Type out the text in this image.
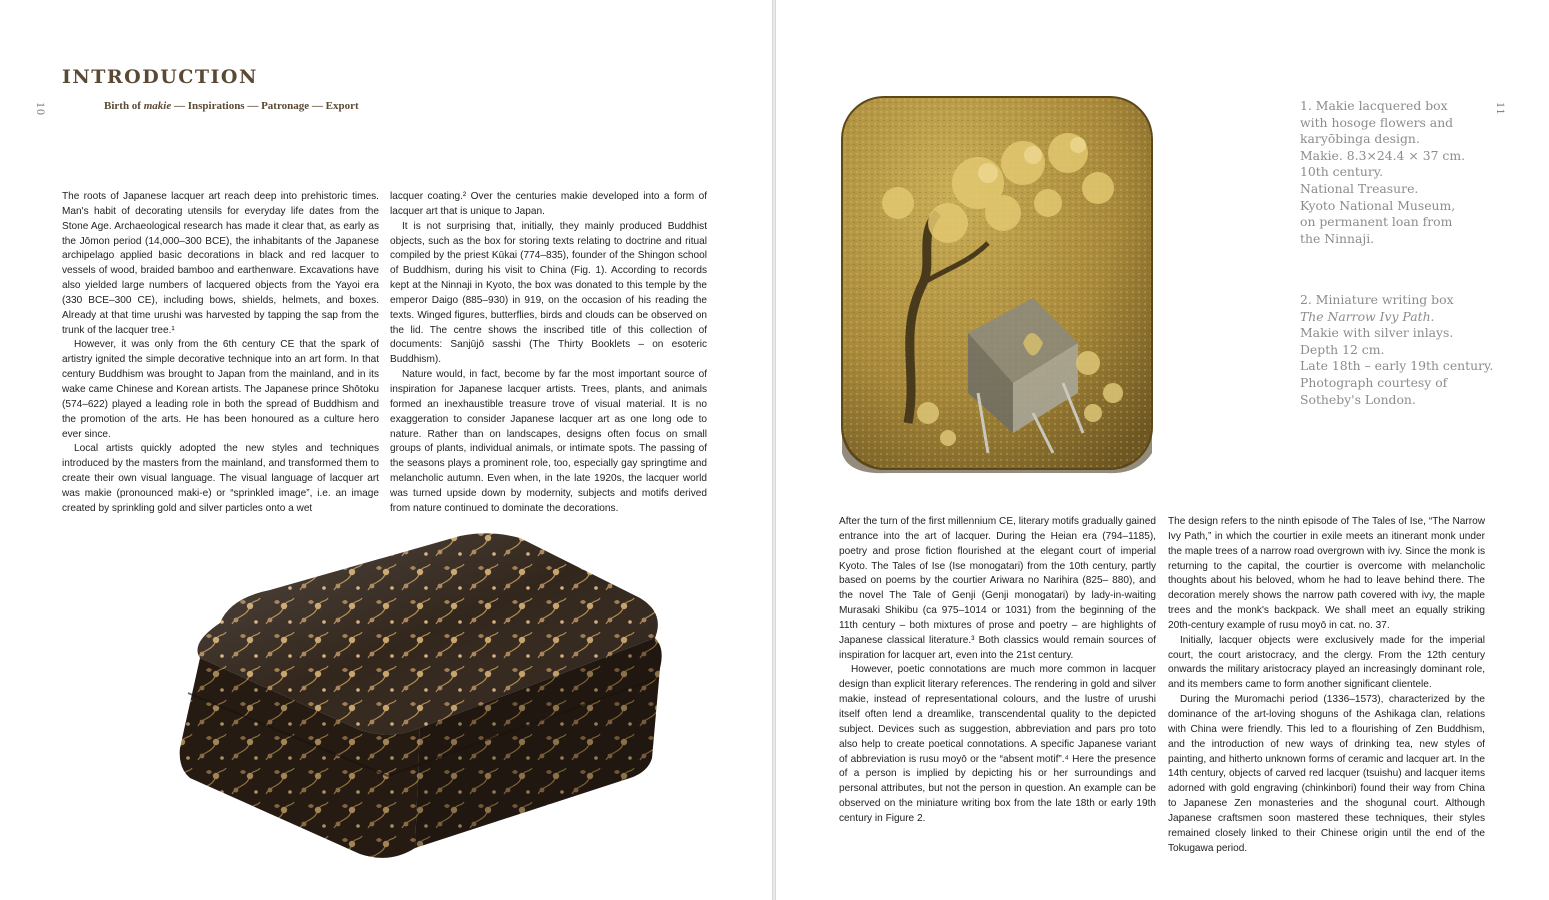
10
INTRODUCTION
Birth of makie — Inspirations — Patronage — Export

The roots of Japanese lacquer art reach deep into prehistoric times. Man's habit of decorating utensils for everyday life dates from the Stone Age. Archaeological research has made it clear that, as early as the Jōmon period (14,000–300 BCE), the inhabitants of the Japanese archipelago applied basic decorations in black and red lacquer to vessels of wood, braided bamboo and earthenware. Excavations have also yielded large numbers of lacquered objects from the Yayoi era (330 BCE–300 CE), including bows, shields, helmets, and boxes. Already at that time urushi was harvested by tapping the sap from the trunk of the lacquer tree.¹

However, it was only from the 6th century CE that the spark of artistry ignited the simple decorative technique into an art form. In that century Buddhism was brought to Japan from the mainland, and in its wake came Chinese and Korean artists. The Japanese prince Shōtoku (574–622) played a leading role in both the spread of Buddhism and the promotion of the arts. He has been honoured as a culture hero ever since.

Local artists quickly adopted the new styles and techniques introduced by the masters from the mainland, and transformed them to create their own visual language. The visual language of lacquer art was makie (pronounced maki-e) or “sprinkled image”, i.e. an image created by sprinkling gold and silver particles onto a wet

lacquer coating.² Over the centuries makie developed into a form of lacquer art that is unique to Japan.

It is not surprising that, initially, they mainly produced Buddhist objects, such as the box for storing texts relating to doctrine and ritual compiled by the priest Kūkai (774–835), founder of the Shingon school of Buddhism, during his visit to China (Fig. 1). According to records kept at the Ninnaji in Kyoto, the box was donated to this temple by the emperor Daigo (885–930) in 919, on the occasion of his reading the texts. Winged figures, butterflies, birds and clouds can be observed on the lid. The centre shows the inscribed title of this collection of documents: Sanjūjō sasshi (The Thirty Booklets – on esoteric Buddhism).

Nature would, in fact, become by far the most important source of inspiration for Japanese lacquer artists. Trees, plants, and animals formed an inexhaustible treasure trove of visual material. It is no exaggeration to consider Japanese lacquer art as one long ode to nature. Rather than on landscapes, designs often focus on small groups of plants, individual animals, or intimate spots. The passing of the seasons plays a prominent role, too, especially gay springtime and melancholic autumn. Even when, in the late 1920s, the lacquer world was turned upside down by modernity, subjects and motifs derived from nature continued to dominate the decorations.

11
1. Makie lacquered box
with hosoge flowers and
karyōbinga design.
Makie. 8.3×24.4 × 37 cm.
10th century.
National Treasure.
Kyoto National Museum,
on permanent loan from
the Ninnaji.
2. Miniature writing box
The Narrow Ivy Path.
Makie with silver inlays.
Depth 12 cm.
Late 18th – early 19th century.
Photograph courtesy of
Sotheby's London.

After the turn of the first millennium CE, literary motifs gradually gained entrance into the art of lacquer. During the Heian era (794–1185), poetry and prose fiction flourished at the elegant court of imperial Kyoto. The Tales of Ise (Ise monogatari) from the 10th century, partly based on poems by the courtier Ariwara no Narihira (825– 880), and the novel The Tale of Genji (Genji monogatari) by lady-in-waiting Murasaki Shikibu (ca 975–1014 or 1031) from the beginning of the 11th century – both mixtures of prose and poetry – are highlights of Japanese classical literature.³ Both classics would remain sources of inspiration for lacquer art, even into the 21st century.

However, poetic connotations are much more common in lacquer design than explicit literary references. The rendering in gold and silver makie, instead of representational colours, and the lustre of urushi itself often lend a dreamlike, transcendental quality to the depicted subject. Devices such as suggestion, abbreviation and pars pro toto also help to create poetical connotations. A specific Japanese variant of abbreviation is rusu moyō or the “absent motif”.⁴ Here the presence of a person is implied by depicting his or her surroundings and personal attributes, but not the person in question. An example can be observed on the miniature writing box from the late 18th or early 19th century in Figure 2.

The design refers to the ninth episode of The Tales of Ise, “The Narrow Ivy Path,” in which the courtier in exile meets an itinerant monk under the maple trees of a narrow road overgrown with ivy. Since the monk is returning to the capital, the courtier is overcome with melancholic thoughts about his beloved, whom he had to leave behind there. The decoration merely shows the narrow path covered with ivy, the maple trees and the monk's backpack. We shall meet an equally striking 20th-century example of rusu moyō in cat. no. 37.

Initially, lacquer objects were exclusively made for the imperial court, the court aristocracy, and the clergy. From the 12th century onwards the military aristocracy played an increasingly dominant role, and its members came to form another significant clientele.

During the Muromachi period (1336–1573), characterized by the dominance of the art-loving shoguns of the Ashikaga clan, relations with China were friendly. This led to a flourishing of Zen Buddhism, and the introduction of new ways of drinking tea, new styles of painting, and hitherto unknown forms of ceramic and lacquer art. In the 14th century, objects of carved red lacquer (tsuishu) and lacquer items adorned with gold engraving (chinkinbori) found their way from China to Japanese Zen monasteries and the shogunal court. Although Japanese craftsmen soon mastered these techniques, their styles remained closely linked to their Chinese origin until the end of the Tokugawa period.
